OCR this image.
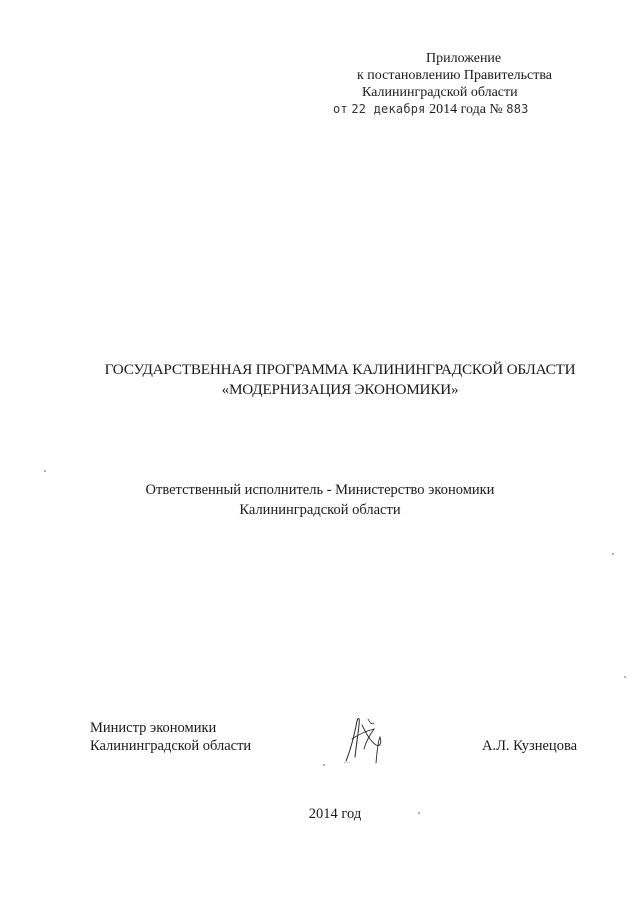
Приложение
к постановлению Правительства
Калининградской области
от 22 декабря 2014 года № 883
ГОСУДАРСТВЕННАЯ ПРОГРАММА КАЛИНИНГРАДСКОЙ ОБЛАСТИ
«МОДЕРНИЗАЦИЯ ЭКОНОМИКИ»
Ответственный исполнитель - Министерство экономики
Калининградской области
Министр экономики
Калининградской области	А.Л. Кузнецова
2014 год
